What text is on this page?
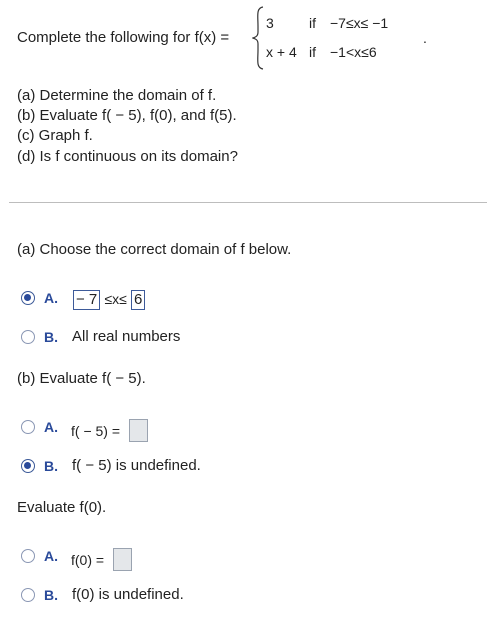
Complete the following for f(x) =
3	if −7≤x≤ −1
x + 4 if −1<x≤6
.
(a) Determine the domain of f.
(b) Evaluate f( − 5), f(0), and f(5).
(c) Graph f.
(d) Is f continuous on its domain?
(a) Choose the correct domain of f below.
A. − 7 ≤x≤ 6
B. All real numbers
(b) Evaluate f( − 5).
A. f( − 5) =
B. f( − 5) is undefined.
Evaluate f(0).
A. f(0) =
B. f(0) is undefined.
